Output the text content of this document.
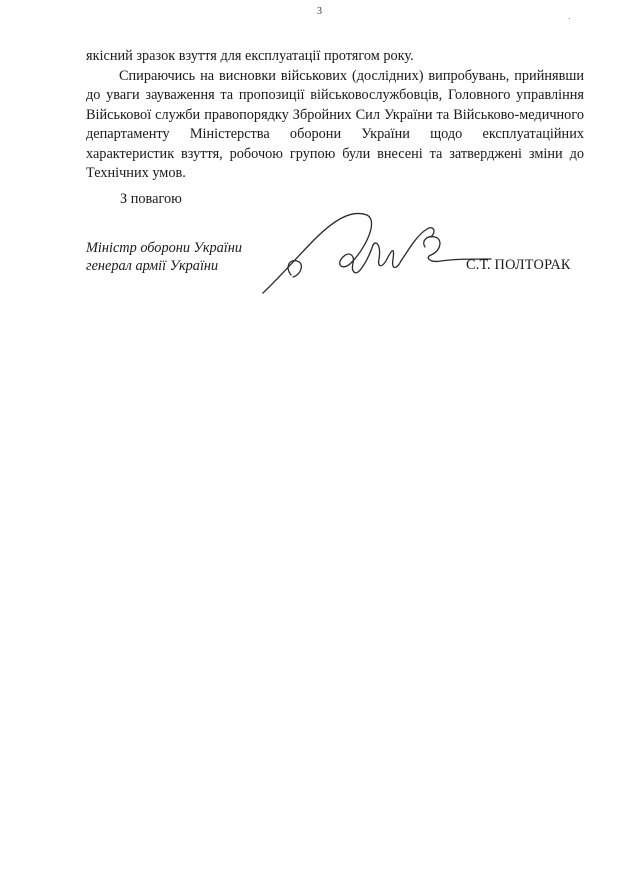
3

якісний зразок взуття для експлуатації протягом року.

Спираючись на висновки військових (дослідних) випробувань, прийнявши до уваги зауваження та пропозиції військовослужбовців, Головного управління Військової служби правопорядку Збройних Сил України та Військово-медичного департаменту Міністерства оборони України щодо експлуатаційних характеристик взуття, робочою групою були внесені та затверджені зміни до Технічних умов.

З повагою
Міністр оборони України
генерал армії України	С.Т. ПОЛТОРАК
